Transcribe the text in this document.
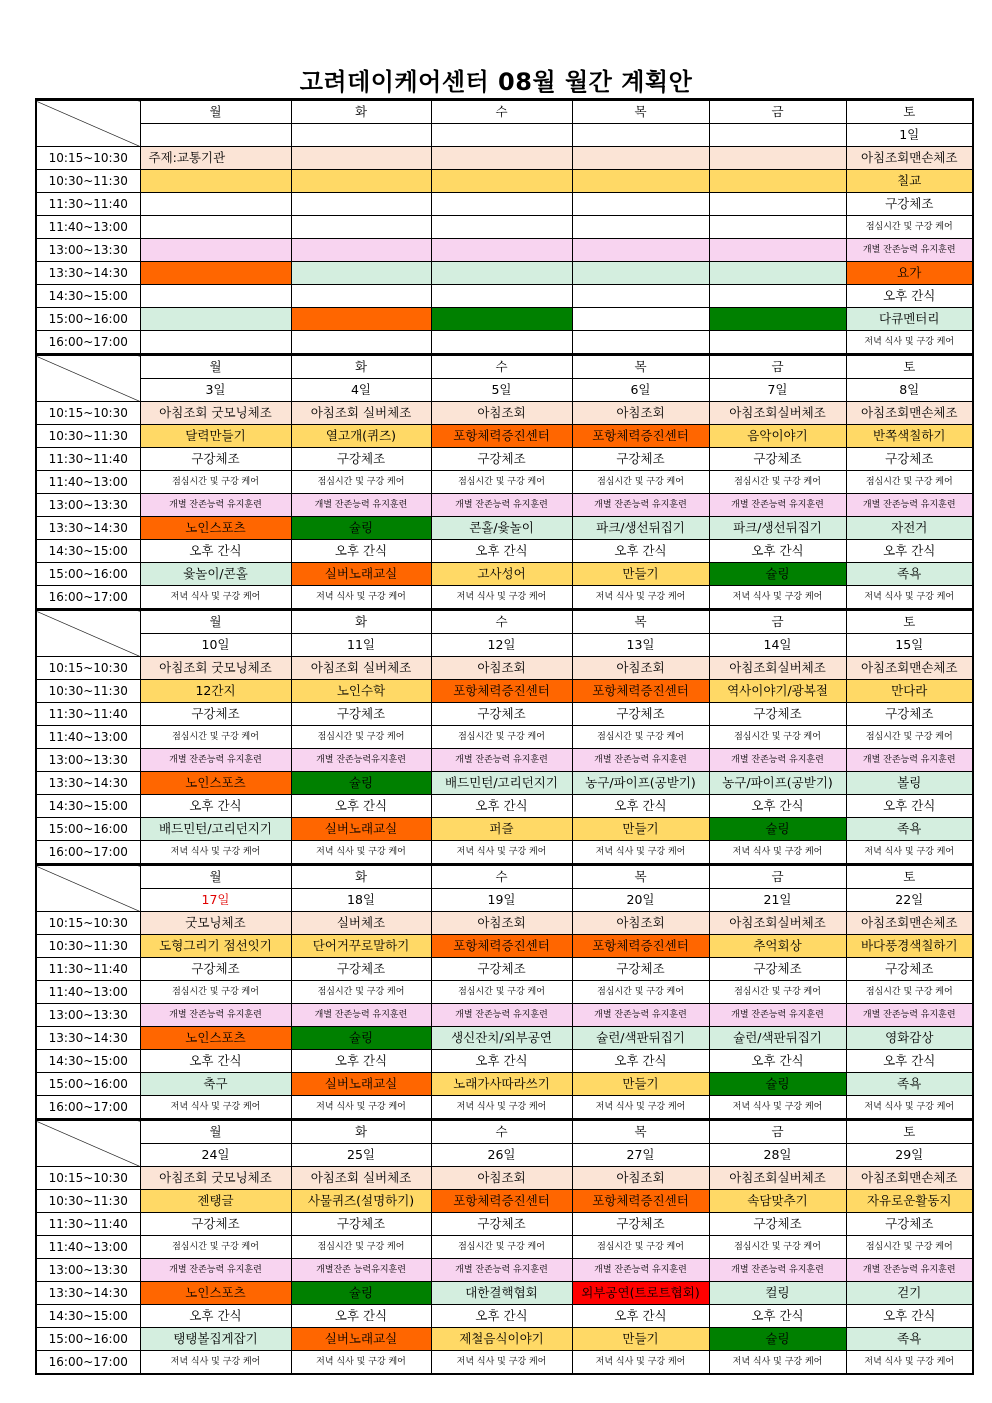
고려데이케어센터 08월 월간 계획안
	월	화	수	목	금	토
						1일
10:15~10:30	주제:교통기관					아침조회맨손체조
10:30~11:30						칠교
11:30~11:40						구강체조
11:40~13:00						점심시간 및 구강 케어
13:00~13:30						개별 잔존능력 유지훈련
13:30~14:30						요가
14:30~15:00						오후 간식
15:00~16:00						다큐멘터리
16:00~17:00						저녁 식사 및 구강 케어
	월	화	수	목	금	토
	3일	4일	5일	6일	7일	8일
10:15~10:30	아침조회 굿모닝체조	아침조회 실버체조	아침조회	아침조회	아침조회실버체조	아침조회맨손체조
10:30~11:30	달력만들기	열고개(퀴즈)	포항체력증진센터	포항체력증진센터	음악이야기	반쪽색칠하기
11:30~11:40	구강체조	구강체조	구강체조	구강체조	구강체조	구강체조
11:40~13:00	점심시간 및 구강 케어	점심시간 및 구강 케어	점심시간 및 구강 케어	점심시간 및 구강 케어	점심시간 및 구강 케어	점심시간 및 구강 케어
13:00~13:30	개별 잔존능력 유지훈련	개별 잔존능력 유지훈련	개별 잔존능력 유지훈련	개별 잔존능력 유지훈련	개별 잔존능력 유지훈련	개별 잔존능력 유지훈련
13:30~14:30	노인스포츠	슐링	콘홀/윷놀이	파크/생선뒤집기	파크/생선뒤집기	자전거
14:30~15:00	오후 간식	오후 간식	오후 간식	오후 간식	오후 간식	오후 간식
15:00~16:00	윷놀이/콘홀	실버노래교실	고사성어	만들기	슐링	족욕
16:00~17:00	저녁 식사 및 구강 케어	저녁 식사 및 구강 케어	저녁 식사 및 구강 케어	저녁 식사 및 구강 케어	저녁 식사 및 구강 케어	저녁 식사 및 구강 케어
	월	화	수	목	금	토
	10일	11일	12일	13일	14일	15일
10:15~10:30	아침조회 굿모닝체조	아침조회 실버체조	아침조회	아침조회	아침조회실버체조	아침조회맨손체조
10:30~11:30	12간지	노인수학	포항체력증진센터	포항체력증진센터	역사이야기/광복절	만다라
11:30~11:40	구강체조	구강체조	구강체조	구강체조	구강체조	구강체조
11:40~13:00	점심시간 및 구강 케어	점심시간 및 구강 케어	점심시간 및 구강 케어	점심시간 및 구강 케어	점심시간 및 구강 케어	점심시간 및 구강 케어
13:00~13:30	개별 잔존능력 유지훈련	개별 잔존능력유지훈련	개별 잔존능력 유지훈련	개별 잔존능력 유지훈련	개별 잔존능력 유지훈련	개별 잔존능력 유지훈련
13:30~14:30	노인스포츠	슐링	배드민턴/고리던지기	농구/파이프(공받기)	농구/파이프(공받기)	볼링
14:30~15:00	오후 간식	오후 간식	오후 간식	오후 간식	오후 간식	오후 간식
15:00~16:00	배드민턴/고리던지기	실버노래교실	퍼즐	만들기	슐링	족욕
16:00~17:00	저녁 식사 및 구강 케어	저녁 식사 및 구강 케어	저녁 식사 및 구강 케어	저녁 식사 및 구강 케어	저녁 식사 및 구강 케어	저녁 식사 및 구강 케어
	월	화	수	목	금	토
	17일	18일	19일	20일	21일	22일
10:15~10:30	굿모닝체조	실버체조	아침조회	아침조회	아침조회실버체조	아침조회맨손체조
10:30~11:30	도형그리기 점선잇기	단어거꾸로말하기	포항체력증진센터	포항체력증진센터	추억회상	바다풍경색칠하기
11:30~11:40	구강체조	구강체조	구강체조	구강체조	구강체조	구강체조
11:40~13:00	점심시간 및 구강 케어	점심시간 및 구강 케어	점심시간 및 구강 케어	점심시간 및 구강 케어	점심시간 및 구강 케어	점심시간 및 구강 케어
13:00~13:30	개별 잔존능력 유지훈련	개별 잔존능력 유지훈련	개별 잔존능력 유지훈련	개별 잔존능력 유지훈련	개별 잔존능력 유지훈련	개별 잔존능력 유지훈련
13:30~14:30	노인스포츠	슐링	생신잔치/외부공연	슐런/색판뒤집기	슐런/색판뒤집기	영화감상
14:30~15:00	오후 간식	오후 간식	오후 간식	오후 간식	오후 간식	오후 간식
15:00~16:00	축구	실버노래교실	노래가사따라쓰기	만들기	슐링	족욕
16:00~17:00	저녁 식사 및 구강 케어	저녁 식사 및 구강 케어	저녁 식사 및 구강 케어	저녁 식사 및 구강 케어	저녁 식사 및 구강 케어	저녁 식사 및 구강 케어
	월	화	수	목	금	토
	24일	25일	26일	27일	28일	29일
10:15~10:30	아침조회 굿모닝체조	아침조회 실버체조	아침조회	아침조회	아침조회실버체조	아침조회맨손체조
10:30~11:30	젠탱글	사물퀴즈(설명하기)	포항체력증진센터	포항체력증진센터	속담맞추기	자유로운활동지
11:30~11:40	구강체조	구강체조	구강체조	구강체조	구강체조	구강체조
11:40~13:00	점심시간 및 구강 케어	점심시간 및 구강 케어	점심시간 및 구강 케어	점심시간 및 구강 케어	점심시간 및 구강 케어	점심시간 및 구강 케어
13:00~13:30	개별 잔존능력 유지훈련	개별잔존 능력유지훈련	개별 잔존능력 유지훈련	개별 잔존능력 유지훈련	개별 잔존능력 유지훈련	개별 잔존능력 유지훈련
13:30~14:30	노인스포츠	슐링	대한결핵협회	외부공연(트로트협회)	컬링	걷기
14:30~15:00	오후 간식	오후 간식	오후 간식	오후 간식	오후 간식	오후 간식
15:00~16:00	탱탱볼집게잡기	실버노래교실	제철음식이야기	만들기	슐링	족욕
16:00~17:00	저녁 식사 및 구강 케어	저녁 식사 및 구강 케어	저녁 식사 및 구강 케어	저녁 식사 및 구강 케어	저녁 식사 및 구강 케어	저녁 식사 및 구강 케어
